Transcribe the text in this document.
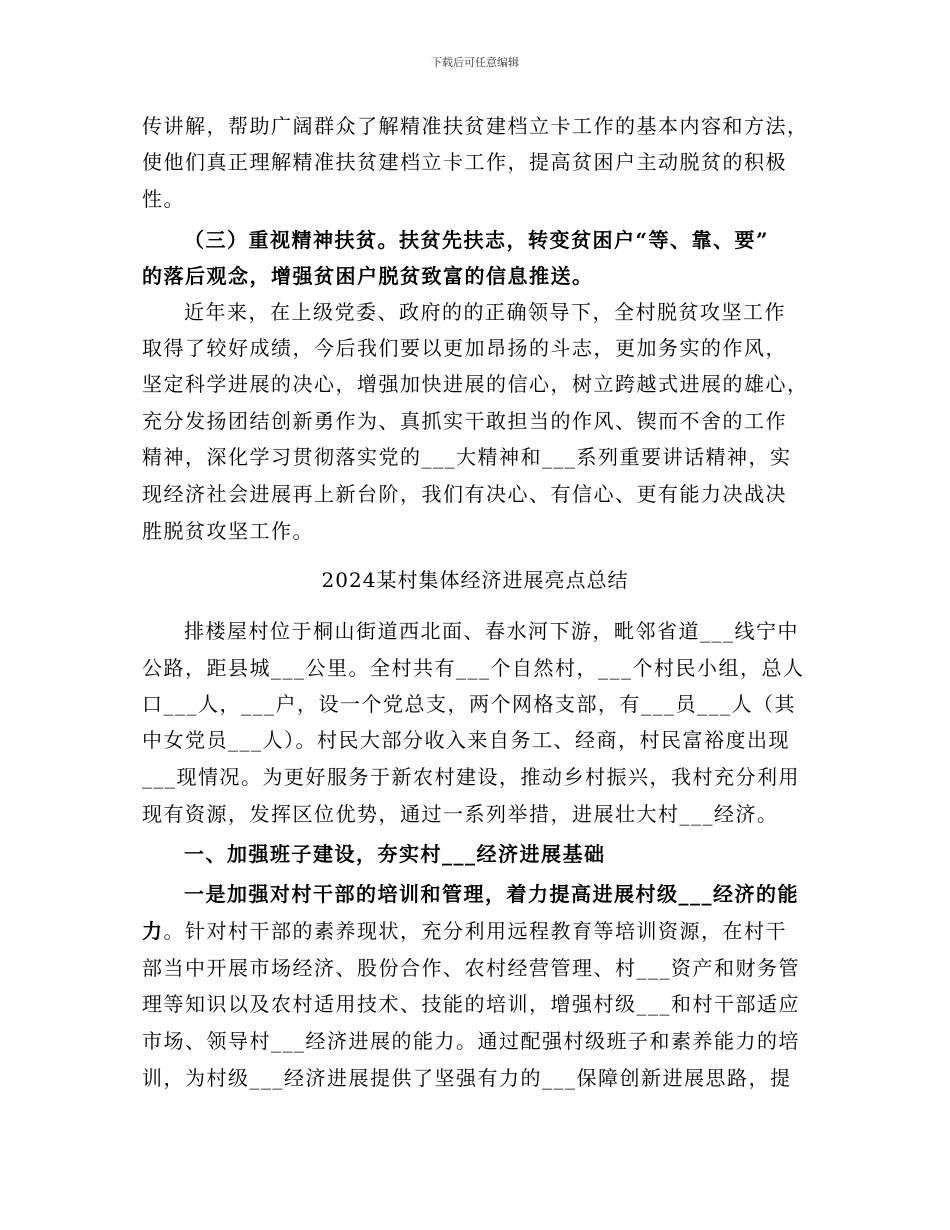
下载后可任意编辑
传讲解，帮助广阔群众了解精准扶贫建档立卡工作的基本内容和方法，
使他们真正理解精准扶贫建档立卡工作，提高贫困户主动脱贫的积极
性。
（三）重视精神扶贫。扶贫先扶志，转变贫困户“等、靠、要”
的落后观念，增强贫困户脱贫致富的信息推送。
近年来，在上级党委、政府的的正确领导下，全村脱贫攻坚工作
取得了较好成绩，今后我们要以更加昂扬的斗志，更加务实的作风，
坚定科学进展的决心，增强加快进展的信心，树立跨越式进展的雄心，
充分发扬团结创新勇作为、真抓实干敢担当的作风、锲而不舍的工作
精神，深化学习贯彻落实党的___大精神和___系列重要讲话精神，实
现经济社会进展再上新台阶，我们有决心、有信心、更有能力决战决
胜脱贫攻坚工作。
2024某村集体经济进展亮点总结
排楼屋村位于桐山街道西北面、春水河下游，毗邻省道___线宁中
公路，距县城___公里。全村共有___个自然村，___个村民小组，总人
口___人，___户，设一个党总支，两个网格支部，有___员___人（其
中女党员___人）。村民大部分收入来自务工、经商，村民富裕度出现
___现情况。为更好服务于新农村建设，推动乡村振兴，我村充分利用
现有资源，发挥区位优势，通过一系列举措，进展壮大村___经济。
一、加强班子建设，夯实村___经济进展基础
一是加强对村干部的培训和管理，着力提高进展村级___经济的能
力。针对村干部的素养现状，充分利用远程教育等培训资源，在村干
部当中开展市场经济、股份合作、农村经营管理、村___资产和财务管
理等知识以及农村适用技术、技能的培训，增强村级___和村干部适应
市场、领导村___经济进展的能力。通过配强村级班子和素养能力的培
训，为村级___经济进展提供了坚强有力的___保障创新进展思路，提
